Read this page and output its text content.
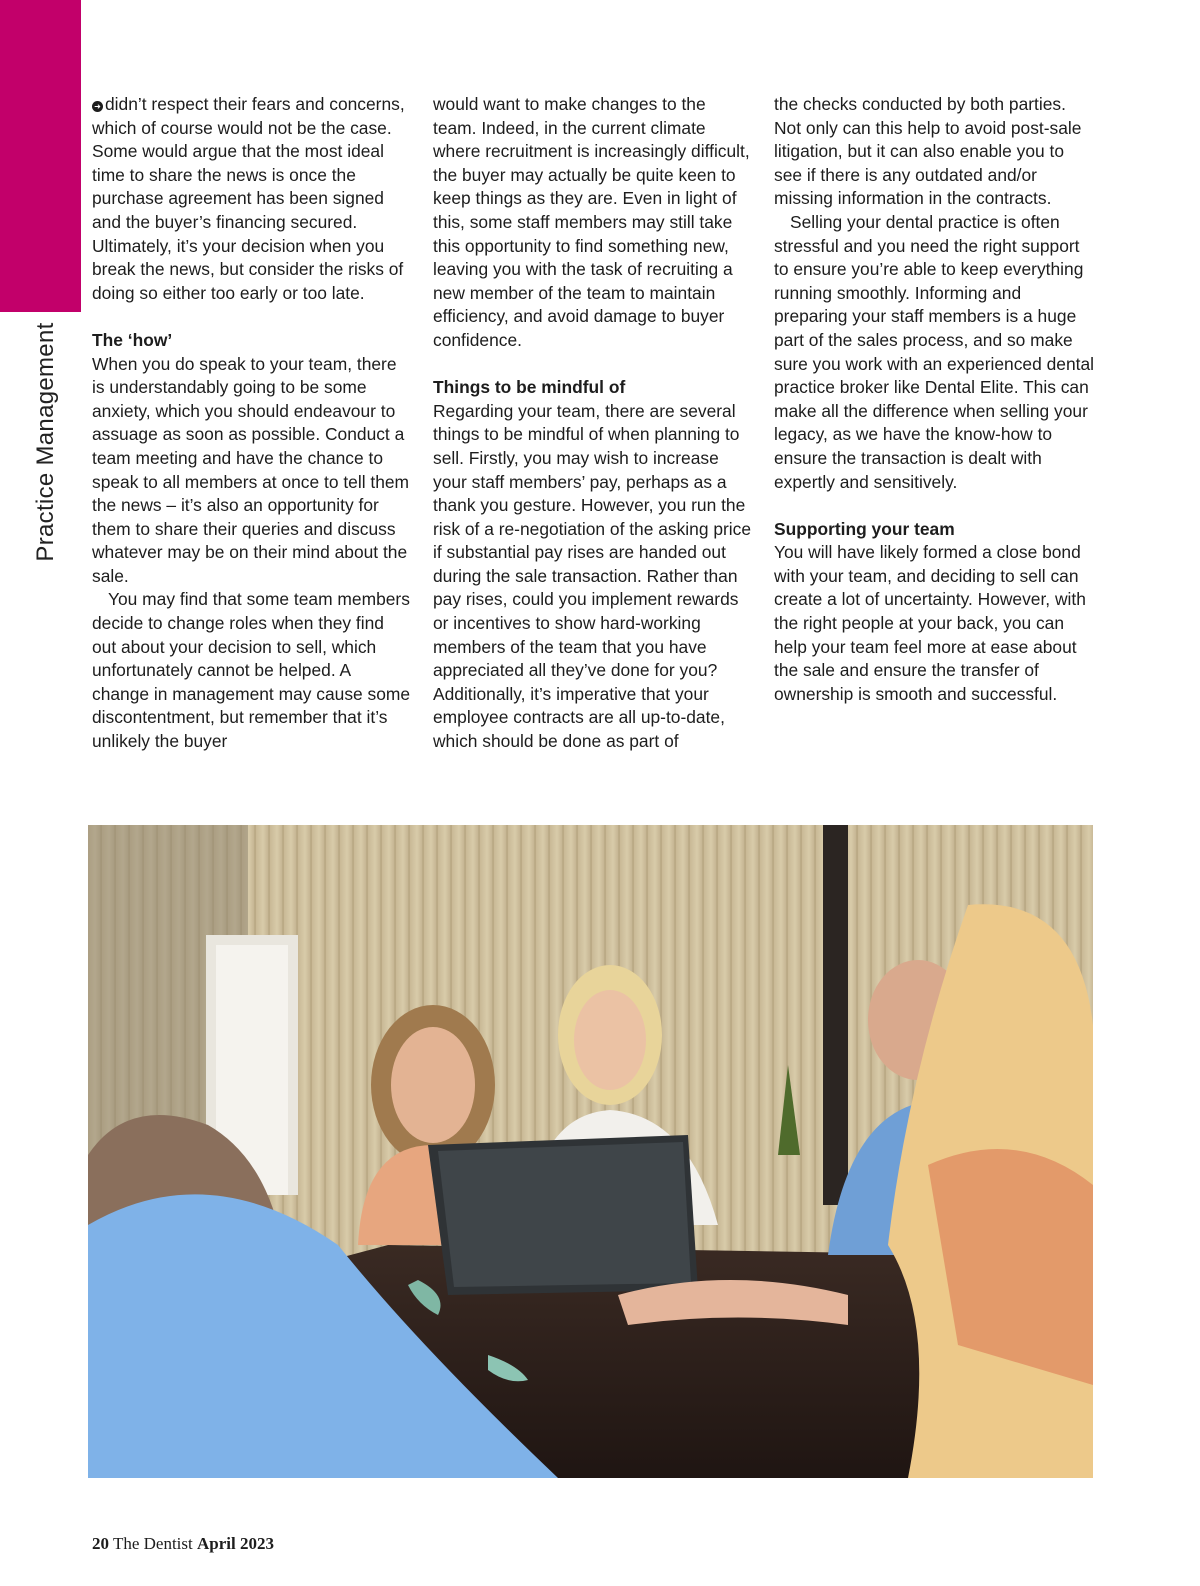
Practice Management

➜ didn’t respect their fears and concerns, which of course would not be the case. Some would argue that the most ideal time to share the news is once the purchase agreement has been signed and the buyer’s financing secured. Ultimately, it’s your decision when you break the news, but consider the risks of doing so either too early or too late.

The ‘how’

When you do speak to your team, there is understandably going to be some anxiety, which you should endeavour to assuage as soon as possible. Conduct a team meeting and have the chance to speak to all members at once to tell them the news – it’s also an opportunity for them to share their queries and discuss whatever may be on their mind about the sale.

You may find that some team members decide to change roles when they find out about your decision to sell, which unfortunately cannot be helped. A change in management may cause some discontentment, but remember that it’s unlikely the buyer

would want to make changes to the team. Indeed, in the current climate where recruitment is increasingly difficult, the buyer may actually be quite keen to keep things as they are. Even in light of this, some staff members may still take this opportunity to find something new, leaving you with the task of recruiting a new member of the team to maintain efficiency, and avoid damage to buyer confidence.

Things to be mindful of

Regarding your team, there are several things to be mindful of when planning to sell. Firstly, you may wish to increase your staff members’ pay, perhaps as a thank you gesture. However, you run the risk of a re-negotiation of the asking price if substantial pay rises are handed out during the sale transaction. Rather than pay rises, could you implement rewards or incentives to show hard-working members of the team that you have appreciated all they’ve done for you? Additionally, it’s imperative that your employee contracts are all up-to-date, which should be done as part of

the checks conducted by both parties. Not only can this help to avoid post-sale litigation, but it can also enable you to see if there is any outdated and/or missing information in the contracts.

Selling your dental practice is often stressful and you need the right support to ensure you’re able to keep everything running smoothly. Informing and preparing your staff members is a huge part of the sales process, and so make sure you work with an experienced dental practice broker like Dental Elite. This can make all the difference when selling your legacy, as we have the know-how to ensure the transaction is dealt with expertly and sensitively.

Supporting your team

You will have likely formed a close bond with your team, and deciding to sell can create a lot of uncertainty. However, with the right people at your back, you can help your team feel more at ease about the sale and ensure the transfer of ownership is smooth and successful.

20 The Dentist April 2023
